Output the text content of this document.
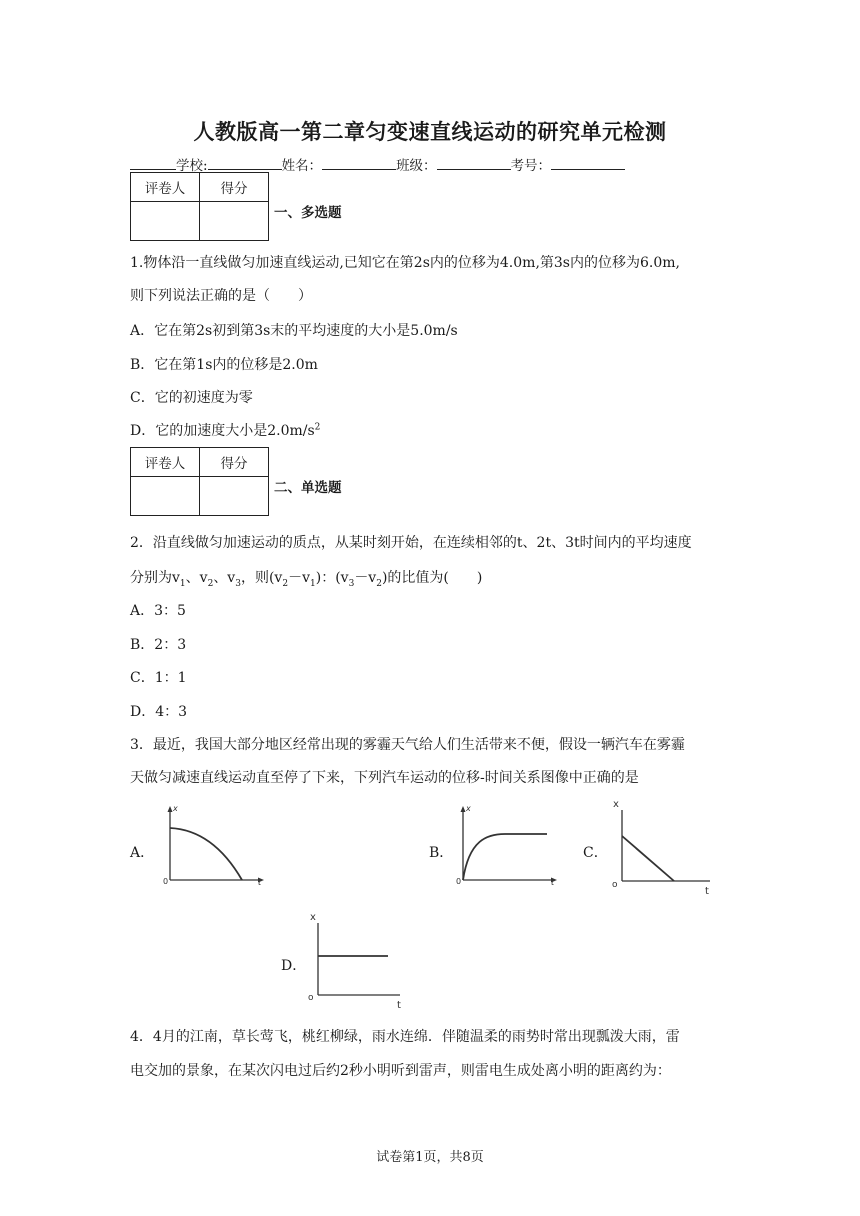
人教版高一第二章匀变速直线运动的研究单元检测
学校:	姓名：	班级：	考号：
评卷人	得分

一、多选题
1.物体沿一直线做匀加速直线运动,已知它在第2s内的位移为4.0m,第3s内的位移为6.0m,
则下列说法正确的是（　　）
A．它在第2s初到第3s末的平均速度的大小是5.0m/s
B．它在第1s内的位移是2.0m
C．它的初速度为零
D．它的加速度大小是$2.0m/s^2$
评卷人	得分

二、单选题
2．沿直线做匀加速运动的质点，从某时刻开始，在连续相邻的t、2t、3t时间内的平均速度
分别为$v_1$、$v_2$、$v_3$，则$(v_2-v_1)$：$(v_3-v_2)$的比值为(　　)
A．3：5
B．2：3
C．1：1
D．4：3
3．最近，我国大部分地区经常出现的雾霾天气给人们生活带来不便，假设一辆汽车在雾霾
天做匀减速直线运动直至停了下来，下列汽车运动的位移-时间关系图像中正确的是
A．
x
t
0
B．
x
t
0
C．
x
t
o
D．
x
t
o
4．4月的江南，草长莺飞，桃红柳绿，雨水连绵．伴随温柔的雨势时常出现瓢泼大雨，雷
电交加的景象，在某次闪电过后约2秒小明听到雷声，则雷电生成处离小明的距离约为：
试卷第1页，共8页
